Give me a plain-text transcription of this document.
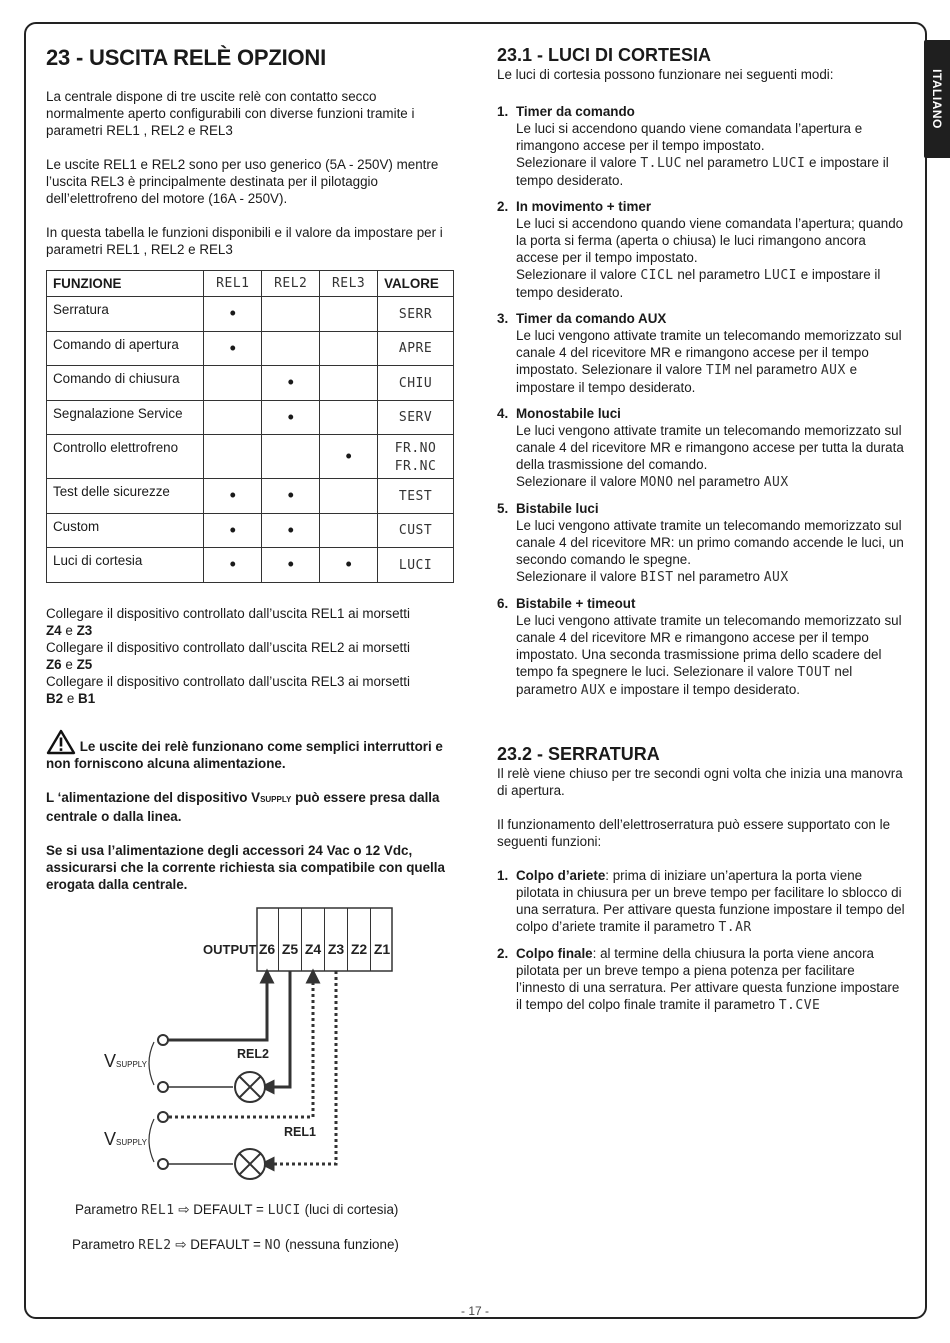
ITALIANO
23 - USCITA RELÈ OPZIONI

La centrale dispone di tre uscite relè con contatto secco normalmente aperto configurabili con diverse funzioni tramite i parametri REL1 , REL2 e REL3

Le uscite REL1 e REL2 sono per uso generico (5A - 250V) mentre l’uscita REL3 è principalmente destinata per il pilotaggio dell’elettrofreno del motore (16A - 250V).

In questa tabella le funzioni disponibili e il valore da impostare per i parametri REL1 , REL2 e REL3

FUNZIONE	REL1	REL2	REL3	VALORE
Serratura	•			SERR
Comando di apertura	•			APRE
Comando di chiusura		•		CHIU
Segnalazione Service		•		SERV
Controllo elettrofreno			•	FR.NO
FR.NC
Test delle sicurezze	•	•		TEST
Custom	•	•		CUST
Luci di cortesia	•	•	•	LUCI
Collegare il dispositivo controllato dall’uscita REL1 ai morsetti
Z4 e Z3
Collegare il dispositivo controllato dall’uscita REL2 ai morsetti
Z6 e Z5
Collegare il dispositivo controllato dall’uscita REL3 ai morsetti
B2 e B1

Le uscite dei relè funzionano come semplici interruttori e non forniscono alcuna alimentazione.

L ‘alimentazione del dispositivo VSUPPLY può essere presa dalla centrale o dalla linea.

Se si usa l’alimentazione degli accessori 24 Vac o 12 Vdc, assicurarsi che la corrente richiesta sia compatibile con quella erogata dalla centrale.

OUTPUT Z6 Z5 Z4 Z3 Z2 Z1
REL2
REL1
VSUPPLY
VSUPPLY
Parametro REL1 ⇨ DEFAULT = LUCI (luci di cortesia)
Parametro REL2 ⇨ DEFAULT = NO (nessuna funzione)
23.1 - LUCI DI CORTESIA
Le luci di cortesia possono funzionare nei seguenti modi:
1. Timer da comando
Le luci si accendono quando viene comandata l’apertura e rimangono accese per il tempo impostato.
Selezionare il valore T.LUC nel parametro LUCI e impostare il tempo desiderato.
2. In movimento + timer
Le luci si accendono quando viene comandata l’apertura; quando la porta si ferma (aperta o chiusa) le luci rimangono ancora accese per il tempo impostato.
Selezionare il valore CICL nel parametro LUCI e impostare il tempo desiderato.
3. Timer da comando AUX
Le luci vengono attivate tramite un telecomando memorizzato sul canale 4 del ricevitore MR e rimangono accese per il tempo impostato. Selezionare il valore TIM nel parametro AUX e impostare il tempo desiderato.
4. Monostabile luci
Le luci vengono attivate tramite un telecomando memorizzato sul canale 4 del ricevitore MR e rimangono accese per tutta la durata della trasmissione del comando.
Selezionare il valore MONO nel parametro AUX
5. Bistabile luci
Le luci vengono attivate tramite un telecomando memorizzato sul canale 4 del ricevitore MR: un primo comando accende le luci, un secondo comando le spegne.
Selezionare il valore BIST nel parametro AUX
6. Bistabile + timeout
Le luci vengono attivate tramite un telecomando memorizzato sul canale 4 del ricevitore MR e rimangono accese per il tempo impostato. Una seconda trasmissione prima dello scadere del tempo fa spegnere le luci. Selezionare il valore TOUT nel parametro AUX e impostare il tempo desiderato.
23.2 - SERRATURA

Il relè viene chiuso per tre secondi ogni volta che inizia una manovra di apertura.

Il funzionamento dell’elettroserratura può essere supportato con le seguenti funzioni:

1. Colpo d’ariete: prima di iniziare un’apertura la porta viene pilotata in chiusura per un breve tempo per facilitare lo sblocco di una serratura. Per attivare questa funzione impostare il tempo del colpo d’ariete tramite il parametro T.AR
2. Colpo finale: al termine della chiusura la porta viene ancora pilotata per un breve tempo a piena potenza per facilitare l’innesto di una serratura. Per attivare questa funzione impostare il tempo del colpo finale tramite il parametro T.CVE
- 17 -
